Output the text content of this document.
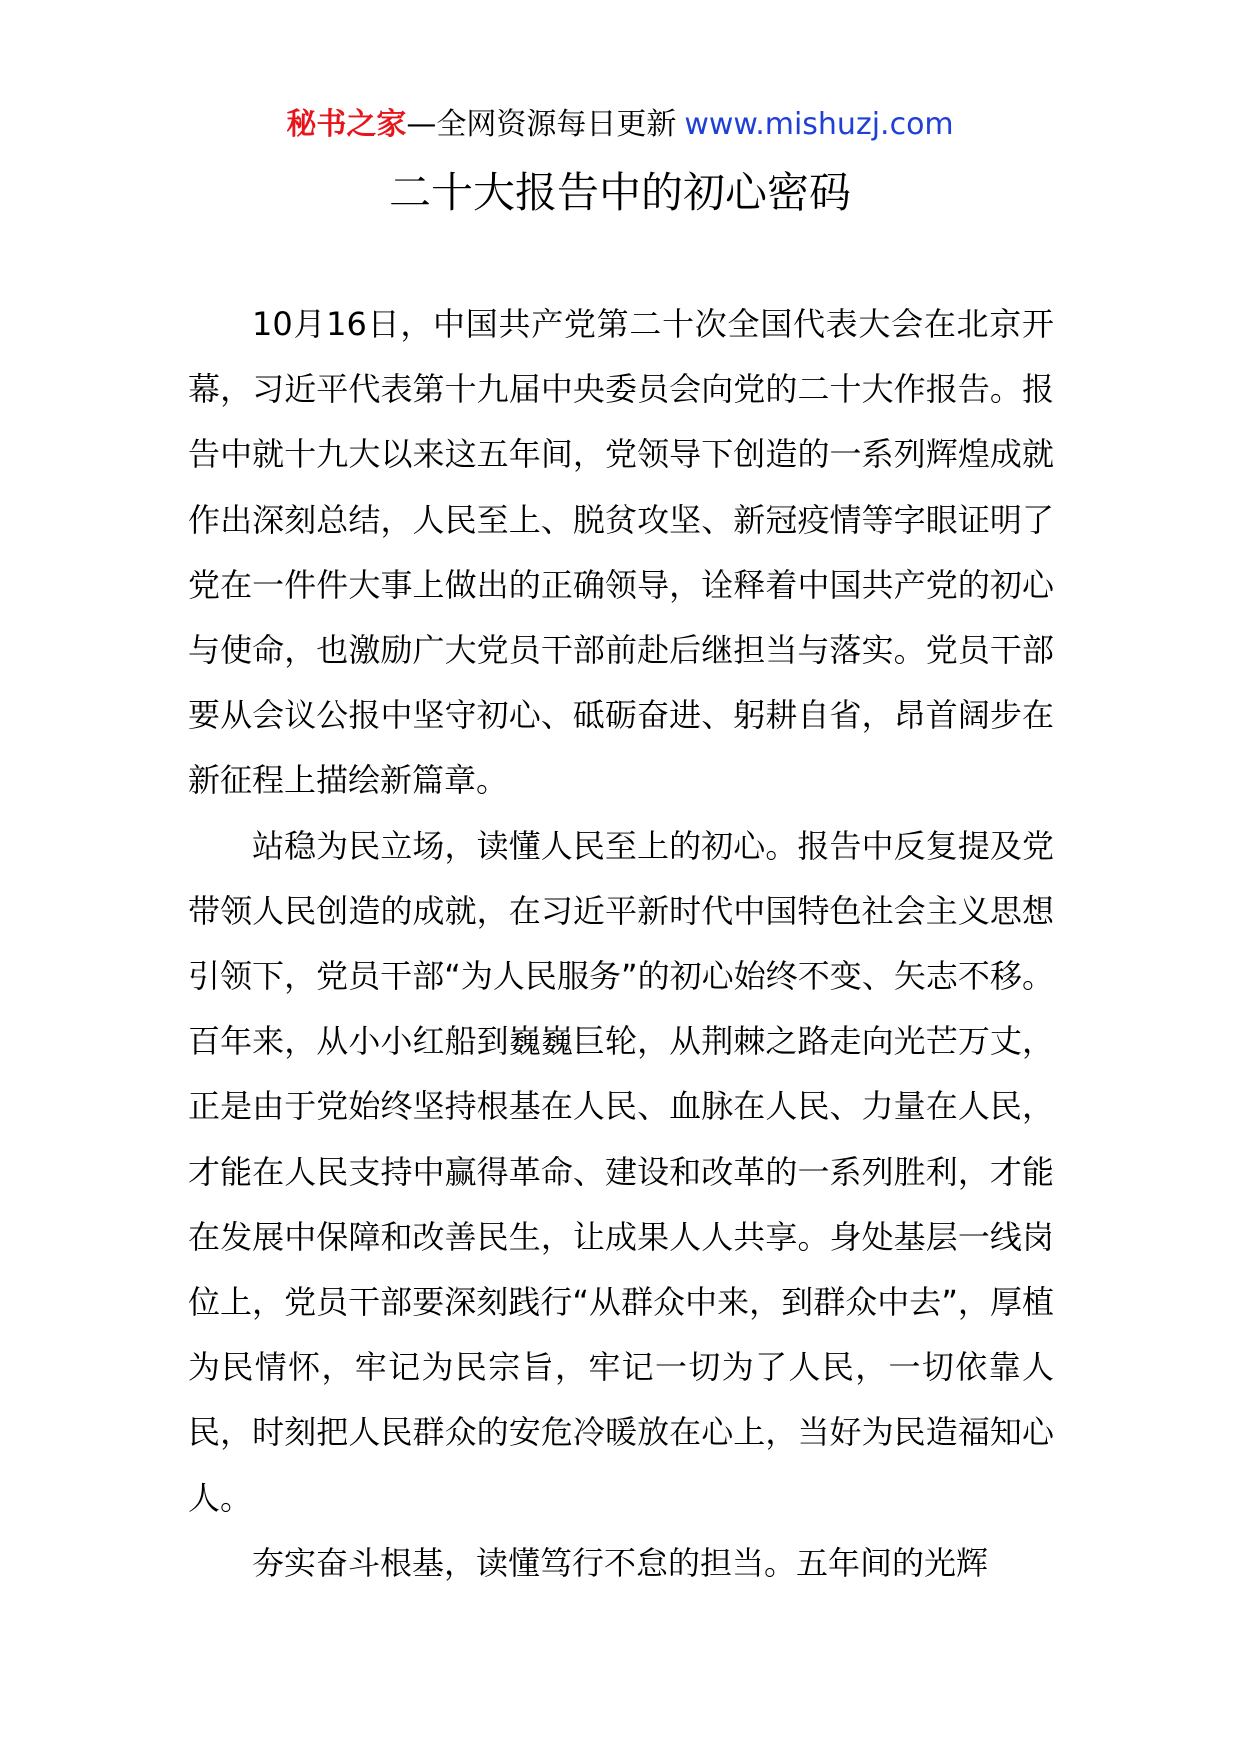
秘书之家—全网资源每日更新 www.mishuzj.com
二十大报告中的初心密码

10月16日，中国共产党第二十次全国代表大会在北京开幕，习近平代表第十九届中央委员会向党的二十大作报告。报告中就十九大以来这五年间，党领导下创造的一系列辉煌成就作出深刻总结，人民至上、脱贫攻坚、新冠疫情等字眼证明了党在一件件大事上做出的正确领导，诠释着中国共产党的初心与使命，也激励广大党员干部前赴后继担当与落实。党员干部要从会议公报中坚守初心、砥砺奋进、躬耕自省，昂首阔步在新征程上描绘新篇章。

站稳为民立场，读懂人民至上的初心。报告中反复提及党带领人民创造的成就，在习近平新时代中国特色社会主义思想引领下，党员干部“为人民服务”的初心始终不变、矢志不移。百年来，从小小红船到巍巍巨轮，从荆棘之路走向光芒万丈，正是由于党始终坚持根基在人民、血脉在人民、力量在人民，才能在人民支持中赢得革命、建设和改革的一系列胜利，才能在发展中保障和改善民生，让成果人人共享。身处基层一线岗位上，党员干部要深刻践行“从群众中来，到群众中去”，厚植为民情怀，牢记为民宗旨，牢记一切为了人民，一切依靠人民，时刻把人民群众的安危冷暖放在心上，当好为民造福知心人。

夯实奋斗根基，读懂笃行不怠的担当。五年间的光辉
